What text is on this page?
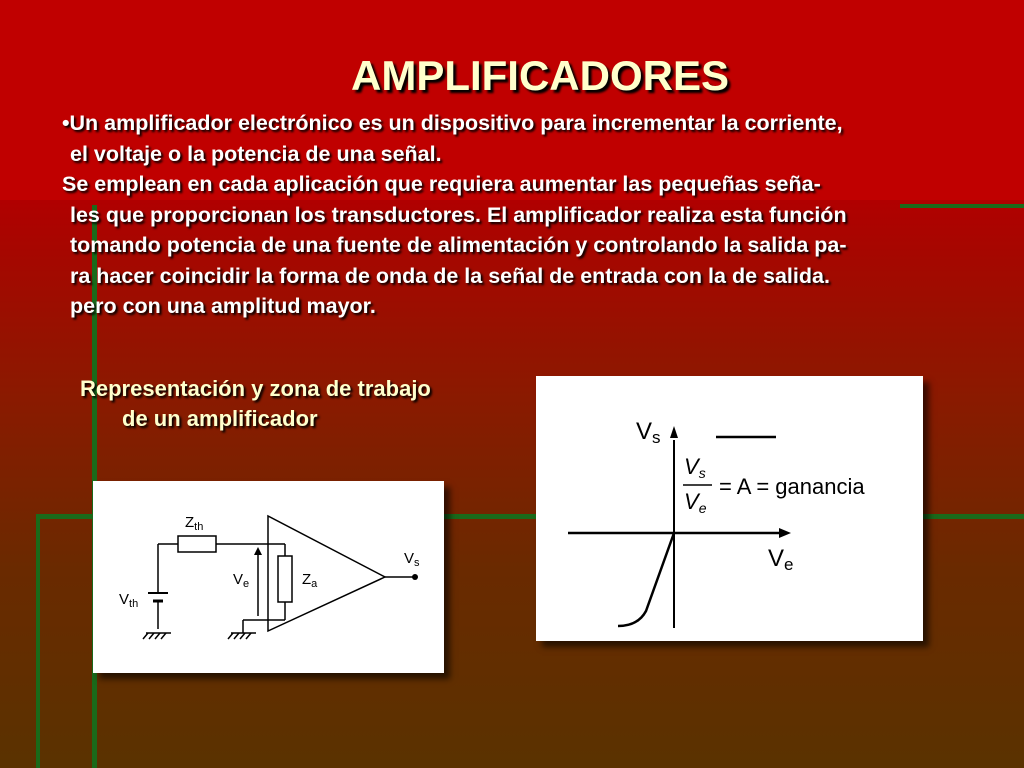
AMPLIFICADORES

•Un amplificador electrónico es un dispositivo para incrementar la corriente,

el voltaje o la potencia de una señal.

Se emplean en cada aplicación que requiera aumentar las pequeñas seña-

les que proporcionan los transductores. El amplificador realiza esta función

tomando potencia de una fuente de alimentación y controlando la salida pa-

ra hacer coincidir la forma de onda de la señal de entrada con la de salida.

pero con una amplitud mayor.

Representación y zona de trabajo
de un amplificador
$Z_{th}$
$V_{th}$
$V_e$	$Z_a$
$V_s$
Vs
Ve
Vs
Ve
= A = ganancia
